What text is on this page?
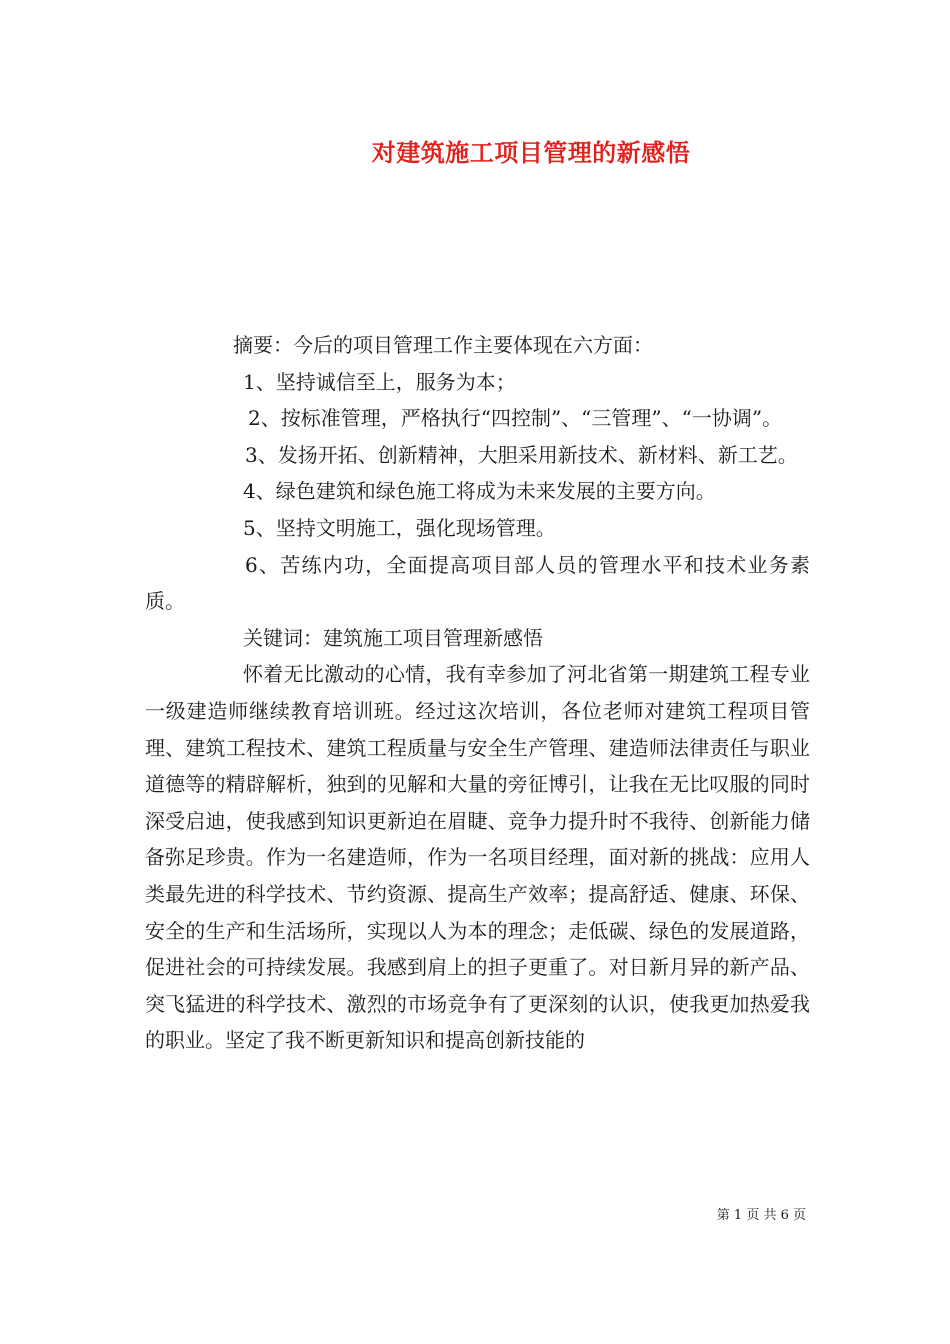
对建筑施工项目管理的新感悟

摘要：今后的项目管理工作主要体现在六方面：

1、坚持诚信至上，服务为本；

2、按标准管理，严格执行“四控制”、“三管理”、“一协调”。

3、发扬开拓、创新精神，大胆采用新技术、新材料、新工艺。

4、绿色建筑和绿色施工将成为未来发展的主要方向。

5、坚持文明施工，强化现场管理。

6、苦练内功，全面提高项目部人员的管理水平和技术业务素质。

关键词：建筑施工项目管理新感悟

怀着无比激动的心情，我有幸参加了河北省第一期建筑工程专业一级建造师继续教育培训班。经过这次培训，各位老师对建筑工程项目管理、建筑工程技术、建筑工程质量与安全生产管理、建造师法律责任与职业道德等的精辟解析，独到的见解和大量的旁征博引，让我在无比叹服的同时深受启迪，使我感到知识更新迫在眉睫、竞争力提升时不我待、创新能力储备弥足珍贵。作为一名建造师，作为一名项目经理，面对新的挑战：应用人类最先进的科学技术、节约资源、提高生产效率；提高舒适、健康、环保、安全的生产和生活场所，实现以人为本的理念；走低碳、绿色的发展道路，促进社会的可持续发展。我感到肩上的担子更重了。对日新月异的新产品、突飞猛进的科学技术、激烈的市场竞争有了更深刻的认识，使我更加热爱我的职业。坚定了我不断更新知识和提高创新技能的

第 1 页 共 6 页
